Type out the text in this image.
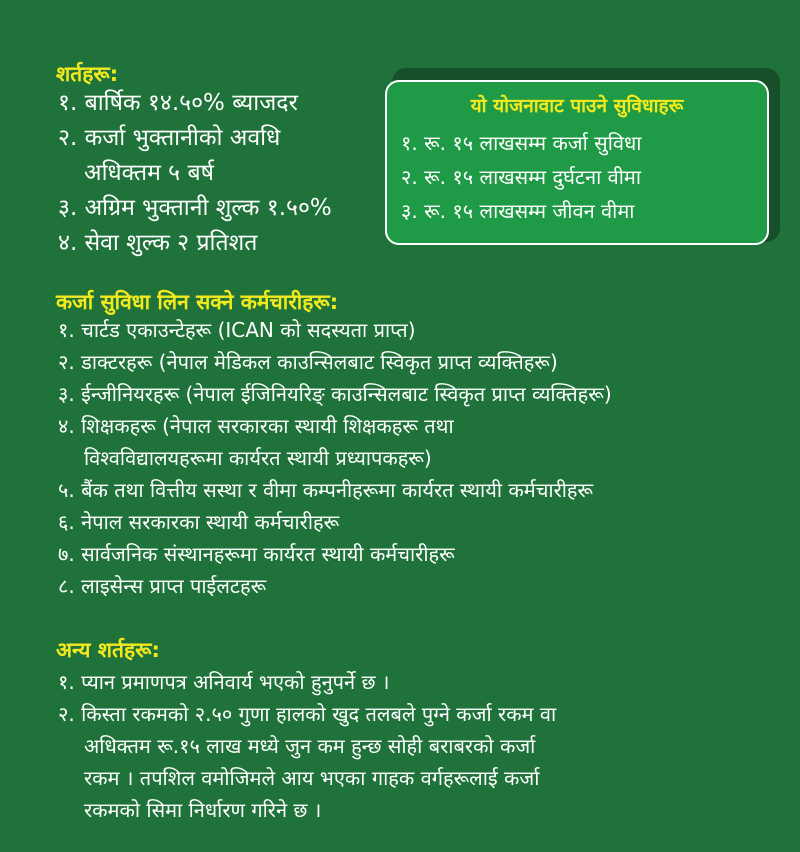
शर्तहरू:
१. बार्षिक १४.५०% ब्याजदर
२. कर्जा भुक्तानीको अवधि
अधिक्तम ५ बर्ष
३. अग्रिम भुक्तानी शुल्क १.५०%
४. सेवा शुल्क २ प्रतिशत
यो योजनावाट पाउने सुविधाहरू
१. रू. १५ लाखसम्म कर्जा सुविधा
२. रू. १५ लाखसम्म दुर्घटना वीमा
३. रू. १५ लाखसम्म जीवन वीमा
कर्जा सुविधा लिन सक्ने कर्मचारीहरू:
१. चार्टड एकाउन्टेहरू (ICAN को सदस्यता प्राप्त)
२. डाक्टरहरू (नेपाल मेडिकल काउन्सिलबाट स्विकृत प्राप्त व्यक्तिहरू)
३. ईन्जीनियरहरू (नेपाल ईजिनियरिङ् काउन्सिलबाट स्विकृत प्राप्त व्यक्तिहरू)
४. शिक्षकहरू (नेपाल सरकारका स्थायी शिक्षकहरू तथा
विश्वविद्यालयहरूमा कार्यरत स्थायी प्रध्यापकहरू)
५. बैंक तथा वित्तीय सस्था र वीमा कम्पनीहरूमा कार्यरत स्थायी कर्मचारीहरू
६. नेपाल सरकारका स्थायी कर्मचारीहरू
७. सार्वजनिक संस्थानहरूमा कार्यरत स्थायी कर्मचारीहरू
८. लाइसेन्स प्राप्त पाईलटहरू
अन्य शर्तहरू:
१. प्यान प्रमाणपत्र अनिवार्य भएको हुनुपर्ने छ ।
२. किस्ता रकमको २.५० गुणा हालको खुद तलबले पुग्ने कर्जा रकम वा
अधिक्तम रू.१५ लाख मध्ये जुन कम हुन्छ सोही बराबरको कर्जा
रकम । तपशिल वमोजिमले आय भएका गाहक वर्गहरूलाई कर्जा
रकमको सिमा निर्धारण गरिने छ ।
